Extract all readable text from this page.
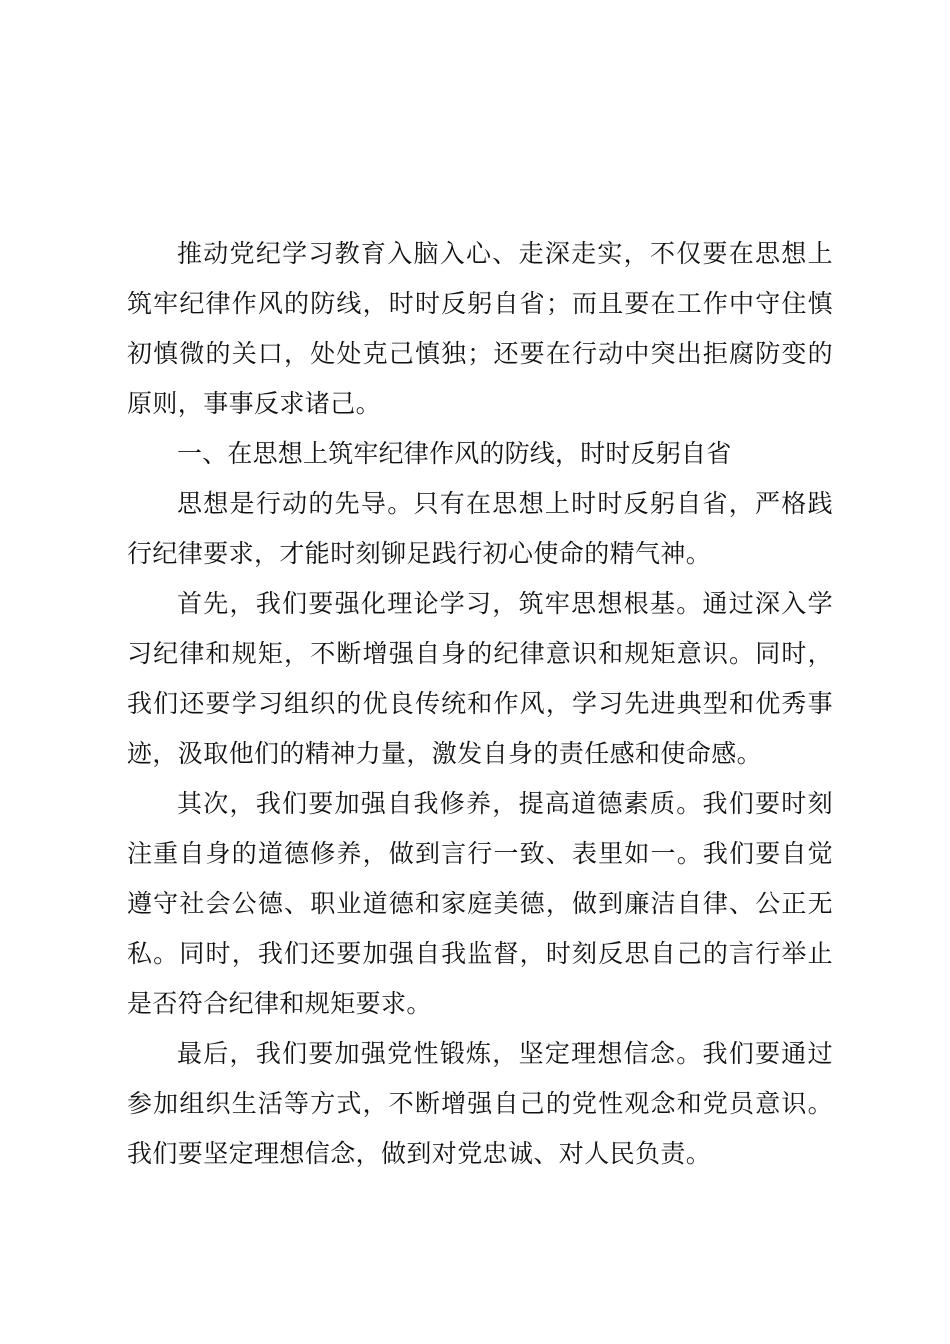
推动党纪学习教育入脑入心、走深走实，不仅要在思想上筑牢纪律作风的防线，时时反躬自省；而且要在工作中守住慎初慎微的关口，处处克己慎独；还要在行动中突出拒腐防变的原则，事事反求诸己。

一、在思想上筑牢纪律作风的防线，时时反躬自省

思想是行动的先导。只有在思想上时时反躬自省，严格践行纪律要求，才能时刻铆足践行初心使命的精气神。

首先，我们要强化理论学习，筑牢思想根基。通过深入学习纪律和规矩，不断增强自身的纪律意识和规矩意识。同时，我们还要学习组织的优良传统和作风，学习先进典型和优秀事迹，汲取他们的精神力量，激发自身的责任感和使命感。

其次，我们要加强自我修养，提高道德素质。我们要时刻注重自身的道德修养，做到言行一致、表里如一。我们要自觉遵守社会公德、职业道德和家庭美德，做到廉洁自律、公正无私。同时，我们还要加强自我监督，时刻反思自己的言行举止是否符合纪律和规矩要求。

最后，我们要加强党性锻炼，坚定理想信念。我们要通过参加组织生活等方式，不断增强自己的党性观念和党员意识。我们要坚定理想信念，做到对党忠诚、对人民负责。
